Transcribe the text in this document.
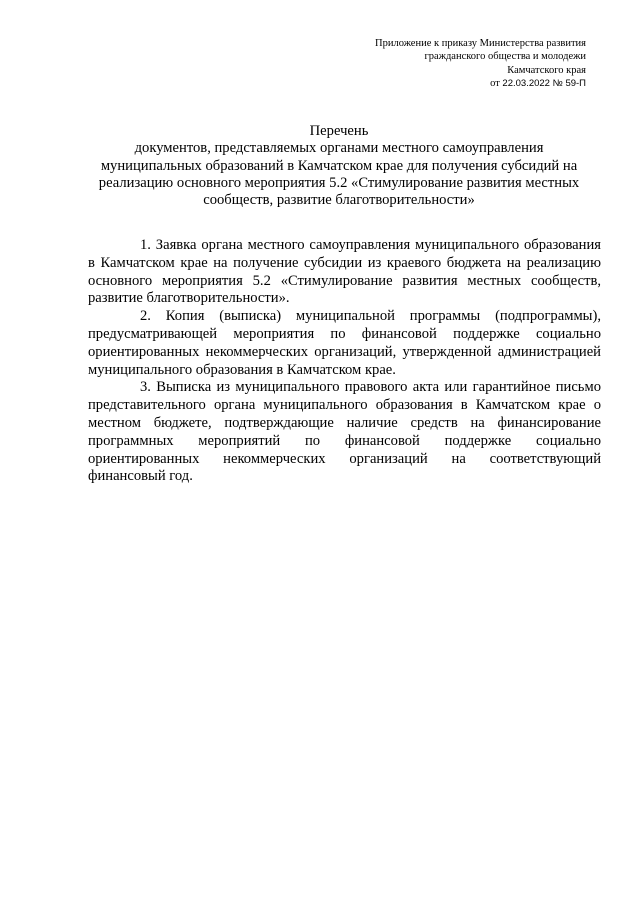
Приложение к приказу Министерства развития
гражданского общества и молодежи
Камчатского края
от 22.03.2022 № 59-П
Перечень
документов, представляемых органами местного самоуправления
муниципальных образований в Камчатском крае для получения субсидий на
реализацию основного мероприятия 5.2 «Стимулирование развития местных
сообществ, развитие благотворительности»

1. Заявка органа местного самоуправления муниципального образования в Камчатском крае на получение субсидии из краевого бюджета на реализацию основного мероприятия 5.2 «Стимулирование развития местных сообществ, развитие благотворительности».

2. Копия (выписка) муниципальной программы (подпрограммы), предусматривающей мероприятия по финансовой поддержке социально ориентированных некоммерческих организаций, утвержденной администрацией муниципального образования в Камчатском крае.

3. Выписка из муниципального правового акта или гарантийное письмо представительного органа муниципального образования в Камчатском крае о местном бюджете, подтверждающие наличие средств на финансирование программных мероприятий по финансовой поддержке социально ориентированных некоммерческих организаций на соответствующий финансовый год.
